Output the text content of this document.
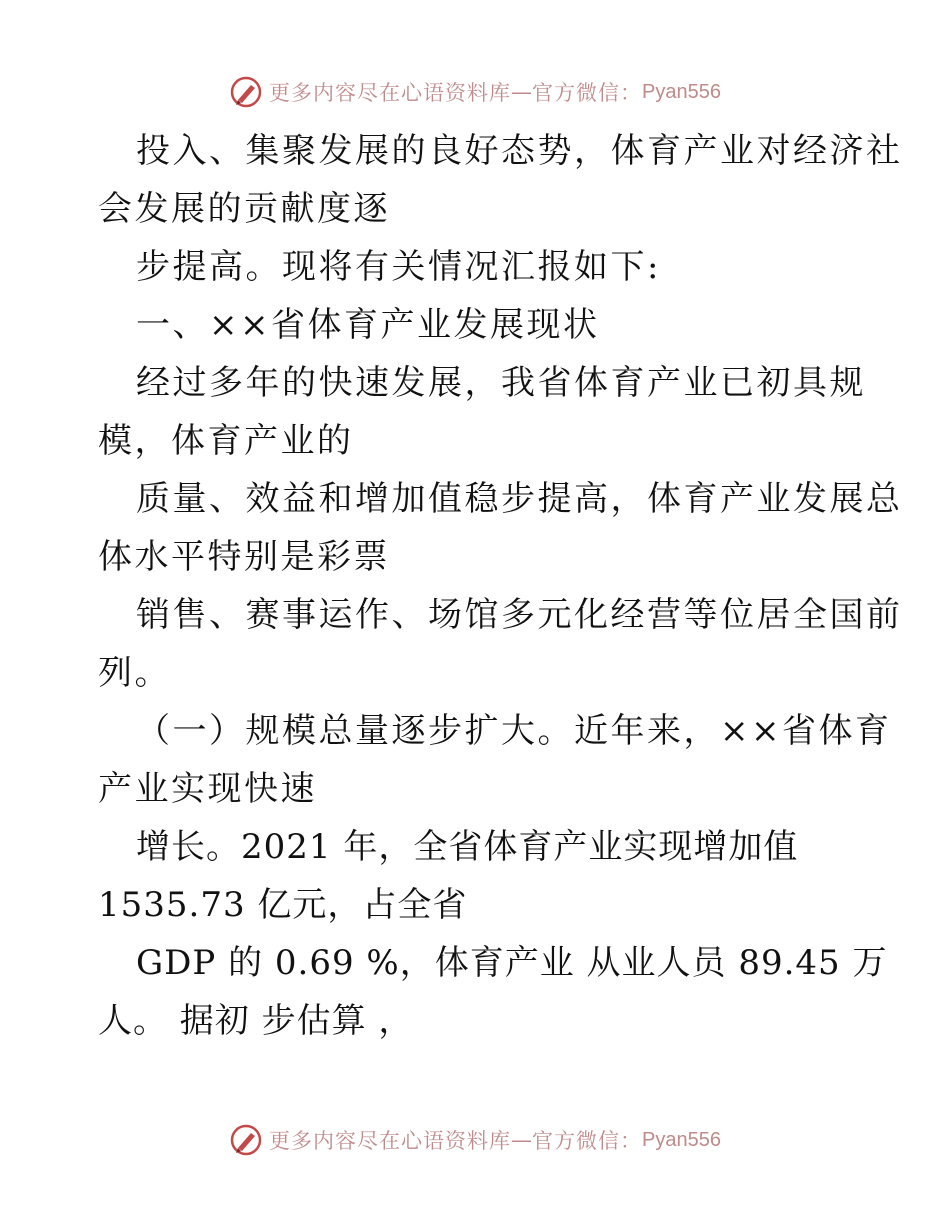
更多内容尽在心语资料库 — 官方微信： Pyan556
投入、集聚发展的良好态势，体育产业对经济社
会发展的贡献度逐
步提高。现将有关情况汇报如下:
一、××省体育产业发展现状
经过多年的快速发展，我省体育产业已初具规
模，体育产业的
质量、效益和增加值稳步提高，体育产业发展总
体水平特别是彩票
销售、赛事运作、场馆多元化经营等位居全国前
列。
（一）规模总量逐步扩大。近年来，××省体育
产业实现快速
增长。2021 年，全省体育产业实现增加值
1535.73 亿元，占全省
GDP 的 0.69 %，体育产业 从业人员 89.45 万
人。 据初 步估算 ，
更多内容尽在心语资料库 — 官方微信： Pyan556
